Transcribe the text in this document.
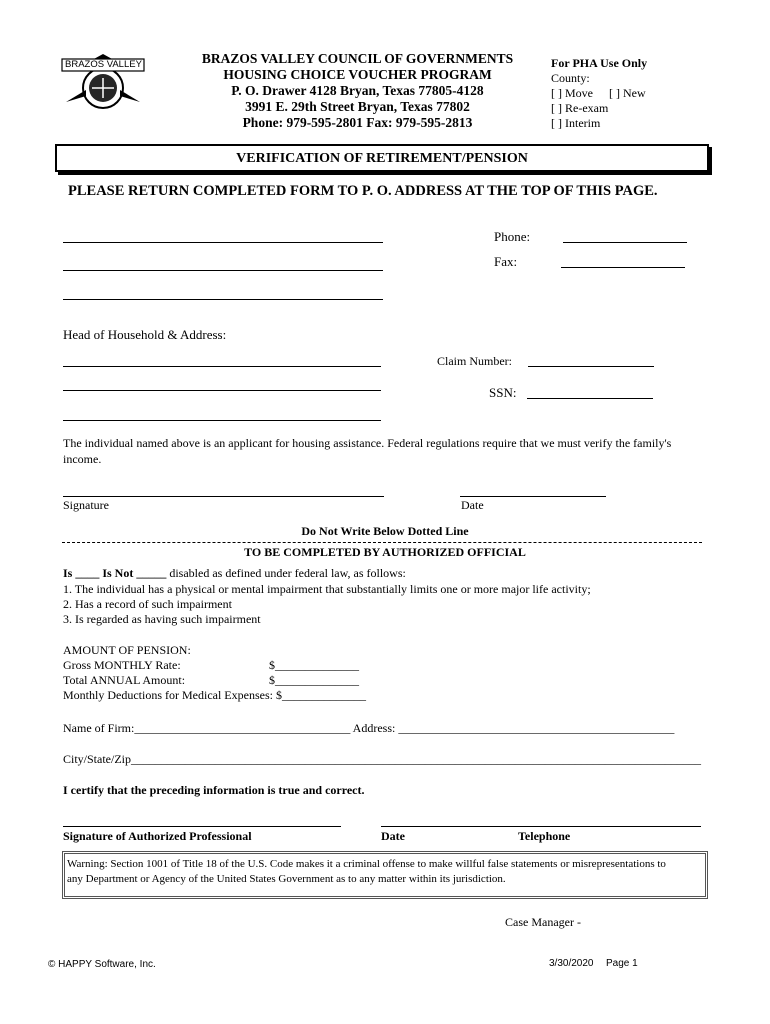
BRAZOS VALLEY	BRAZOS VALLEY COUNCIL OF GOVERNMENTS
HOUSING CHOICE VOUCHER PROGRAM
P. O. Drawer 4128 Bryan, Texas 77805-4128
3991 E. 29th Street Bryan, Texas 77802
Phone: 979-595-2801 Fax: 979-595-2813
For PHA Use Only
County:
[ ] Move [ ] New
[ ] Re-exam
[ ] Interim
VERIFICATION OF RETIREMENT/PENSION
PLEASE RETURN COMPLETED FORM TO P. O. ADDRESS AT THE TOP OF THIS PAGE.
Phone:
Fax:
Head of Household & Address:
Claim Number:
SSN:
The individual named above is an applicant for housing assistance. Federal regulations require that we must verify the family's
income.
Signature	Date
Do Not Write Below Dotted Line
TO BE COMPLETED BY AUTHORIZED OFFICIAL
Is ____ Is Not _____ disabled as defined under federal law, as follows:
1. The individual has a physical or mental impairment that substantially limits one or more major life activity;
2. Has a record of such impairment
3. Is regarded as having such impairment
AMOUNT OF PENSION:
Gross MONTHLY Rate:	$______________
Total ANNUAL Amount:	$______________
Monthly Deductions for Medical Expenses: $______________
Name of Firm:____________________________________ Address: ______________________________________________
City/State/Zip_______________________________________________________________________________________________
I certify that the preceding information is true and correct.
Signature of Authorized Professional	Date	Telephone
Warning: Section 1001 of Title 18 of the U.S. Code makes it a criminal offense to make willful false statements or misrepresentations to
any Department or Agency of the United States Government as to any matter within its jurisdiction.
Case Manager -
© HAPPY Software, Inc.	3/30/2020 Page 1
